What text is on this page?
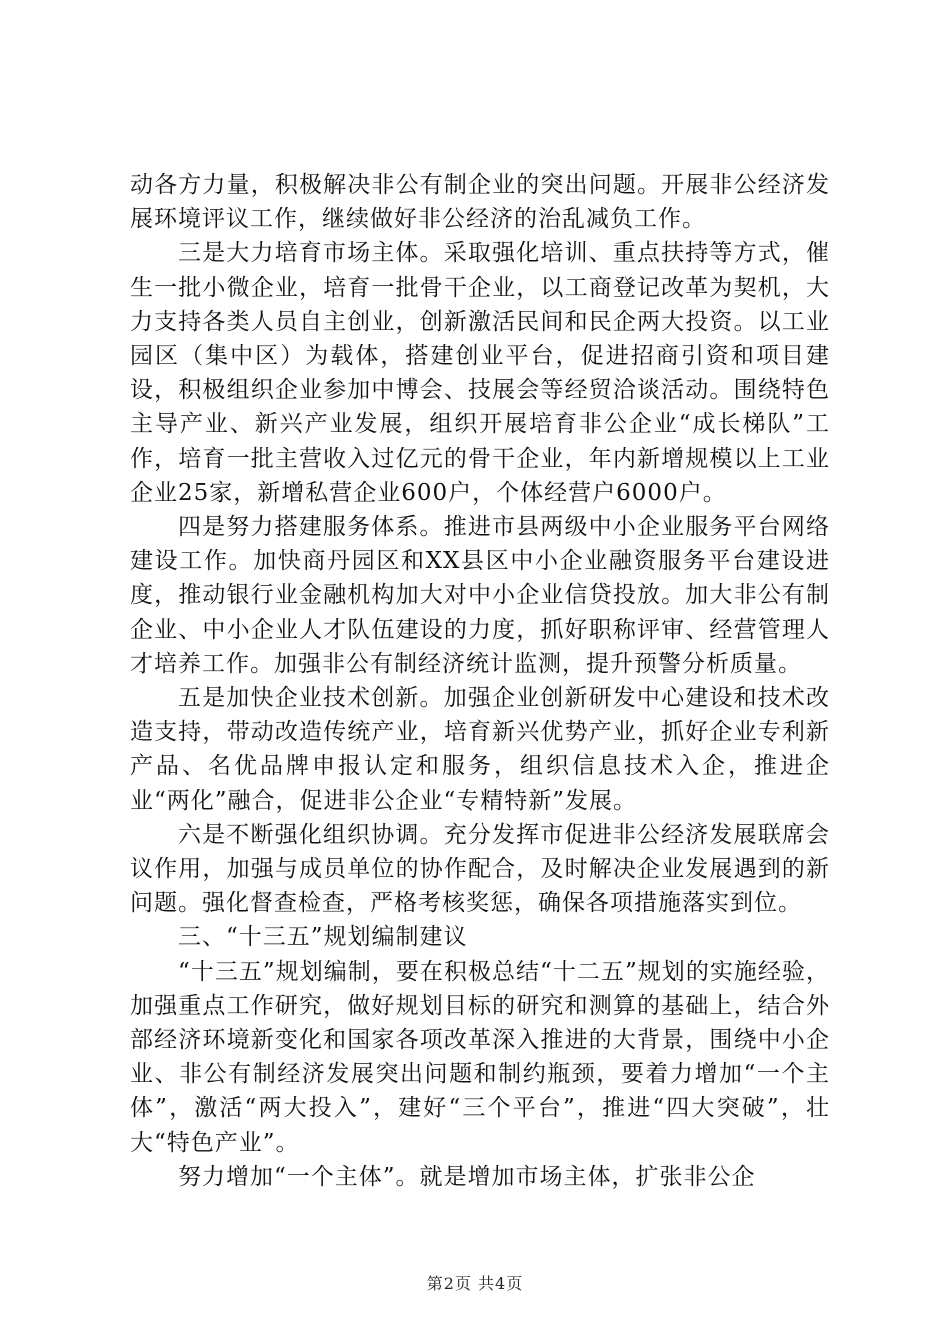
动各方力量，积极解决非公有制企业的突出问题。开展非公经济发展环境评议工作，继续做好非公经济的治乱减负工作。

三是大力培育市场主体。采取强化培训、重点扶持等方式，催生一批小微企业，培育一批骨干企业，以工商登记改革为契机，大力支持各类人员自主创业，创新激活民间和民企两大投资。以工业园区（集中区）为载体，搭建创业平台，促进招商引资和项目建设，积极组织企业参加中博会、技展会等经贸洽谈活动。围绕特色主导产业、新兴产业发展，组织开展培育非公企业“成长梯队”工作，培育一批主营收入过亿元的骨干企业，年内新增规模以上工业企业25家，新增私营企业600户，个体经营户6000户。

四是努力搭建服务体系。推进市县两级中小企业服务平台网络建设工作。加快商丹园区和XX县区中小企业融资服务平台建设进度，推动银行业金融机构加大对中小企业信贷投放。加大非公有制企业、中小企业人才队伍建设的力度，抓好职称评审、经营管理人才培养工作。加强非公有制经济统计监测，提升预警分析质量。

五是加快企业技术创新。加强企业创新研发中心建设和技术改造支持，带动改造传统产业，培育新兴优势产业，抓好企业专利新产品、名优品牌申报认定和服务，组织信息技术入企，推进企业“两化”融合，促进非公企业“专精特新”发展。

六是不断强化组织协调。充分发挥市促进非公经济发展联席会议作用，加强与成员单位的协作配合，及时解决企业发展遇到的新问题。强化督查检查，严格考核奖惩，确保各项措施落实到位。

三、“十三五”规划编制建议

“十三五”规划编制，要在积极总结“十二五”规划的实施经验，加强重点工作研究，做好规划目标的研究和测算的基础上，结合外部经济环境新变化和国家各项改革深入推进的大背景，围绕中小企业、非公有制经济发展突出问题和制约瓶颈，要着力增加“一个主体”，激活“两大投入”，建好“三个平台”，推进“四大突破”，壮大“特色产业”。

努力增加“一个主体”。就是增加市场主体，扩张非公企

第2页 共4页
